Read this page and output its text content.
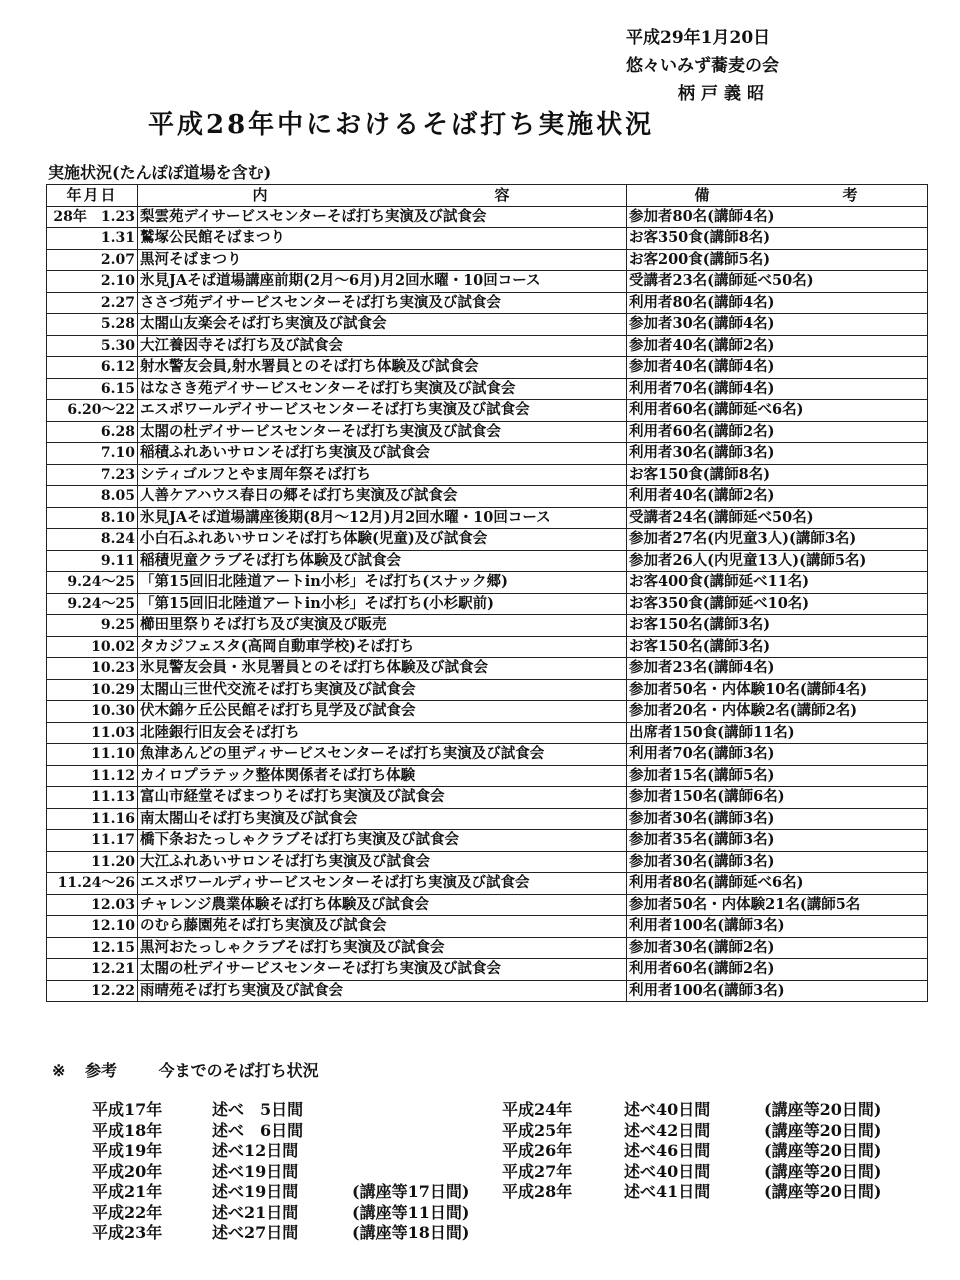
平成29年1月20日
悠々いみず蕎麦の会
柄戸義昭
平成28年中におけるそば打ち実施状況
実施状況(たんぽぽ道場を含む)
年月日	内 容	備 考

28年　1.23	梨雲苑デイサービスセンターそば打ち実演及び試食会	参加者80名(講師4名)
1.31	鷲塚公民館そばまつり	お客350食(講師8名)
2.07	黒河そばまつり	お客200食(講師5名)
2.10	氷見JAそば道場講座前期(2月～6月)月2回水曜・10回コース	受講者23名(講師延べ50名)
2.27	ささづ苑デイサービスセンターそば打ち実演及び試食会	利用者80名(講師4名)
5.28	太閤山友楽会そば打ち実演及び試食会	参加者30名(講師4名)
5.30	大江養因寺そば打ち及び試食会	参加者40名(講師2名)
6.12	射水警友会員,射水署員とのそば打ち体験及び試食会	参加者40名(講師4名)
6.15	はなさき苑デイサービスセンターそば打ち実演及び試食会	利用者70名(講師4名)
6.20～22	エスポワールデイサービスセンターそば打ち実演及び試食会	利用者60名(講師延べ6名)
6.28	太閤の杜デイサービスセンターそば打ち実演及び試食会	利用者60名(講師2名)
7.10	稲積ふれあいサロンそば打ち実演及び試食会	利用者30名(講師3名)
7.23	シティゴルフとやま周年祭そば打ち	お客150食(講師8名)
8.05	人善ケアハウス春日の郷そば打ち実演及び試食会	利用者40名(講師2名)
8.10	氷見JAそば道場講座後期(8月～12月)月2回水曜・10回コース	受講者24名(講師延べ50名)
8.24	小白石ふれあいサロンそば打ち体験(児童)及び試食会	参加者27名(内児童3人)(講師3名)
9.11	稲積児童クラブそば打ち体験及び試食会	参加者26人(内児童13人)(講師5名)
9.24～25	「第15回旧北陸道アートin小杉」そば打ち(スナック郷)	お客400食(講師延べ11名)
9.24～25	「第15回旧北陸道アートin小杉」そば打ち(小杉駅前)	お客350食(講師延べ10名)
9.25	櫛田里祭りそば打ち及び実演及び販売	お客150名(講師3名)
10.02	タカジフェスタ(高岡自動車学校)そば打ち	お客150名(講師3名)
10.23	氷見警友会員・氷見署員とのそば打ち体験及び試食会	参加者23名(講師4名)
10.29	太閤山三世代交流そば打ち実演及び試食会	参加者50名・内体験10名(講師4名)
10.30	伏木錦ケ丘公民館そば打ち見学及び試食会	参加者20名・内体験2名(講師2名)
11.03	北陸銀行旧友会そば打ち	出席者150食(講師11名)
11.10	魚津あんどの里ディサービスセンターそば打ち実演及び試食会	利用者70名(講師3名)
11.12	カイロプラテック整体関係者そば打ち体験	参加者15名(講師5名)
11.13	富山市経堂そばまつりそば打ち実演及び試食会	参加者150名(講師6名)
11.16	南太閤山そば打ち実演及び試食会	参加者30名(講師3名)
11.17	橋下条おたっしゃクラブそば打ち実演及び試食会	参加者35名(講師3名)
11.20	大江ふれあいサロンそば打ち実演及び試食会	参加者30名(講師3名)
11.24～26	エスポワールディサービスセンターそば打ち実演及び試食会	利用者80名(講師延べ6名)
12.03	チャレンジ農業体験そば打ち体験及び試食会	参加者50名・内体験21名(講師5名
12.10	のむら藤園苑そば打ち実演及び試食会	利用者100名(講師3名)
12.15	黒河おたっしゃクラブそば打ち実演及び試食会	参加者30名(講師2名)
12.21	太閤の杜デイサービスセンターそば打ち実演及び試食会	利用者60名(講師2名)
12.22	雨晴苑そば打ち実演及び試食会	利用者100名(講師3名)
※ 参考	今までのそば打ち状況
平成17年	述べ　5日間
平成18年	述べ　6日間
平成19年	述べ12日間
平成20年	述べ19日間
平成21年	述べ19日間	(講座等17日間)
平成22年	述べ21日間	(講座等11日間)
平成23年	述べ27日間	(講座等18日間)
平成24年	述べ40日間	(講座等20日間)
平成25年	述べ42日間	(講座等20日間)
平成26年	述べ46日間	(講座等20日間)
平成27年	述べ40日間	(講座等20日間)
平成28年	述べ41日間	(講座等20日間)
